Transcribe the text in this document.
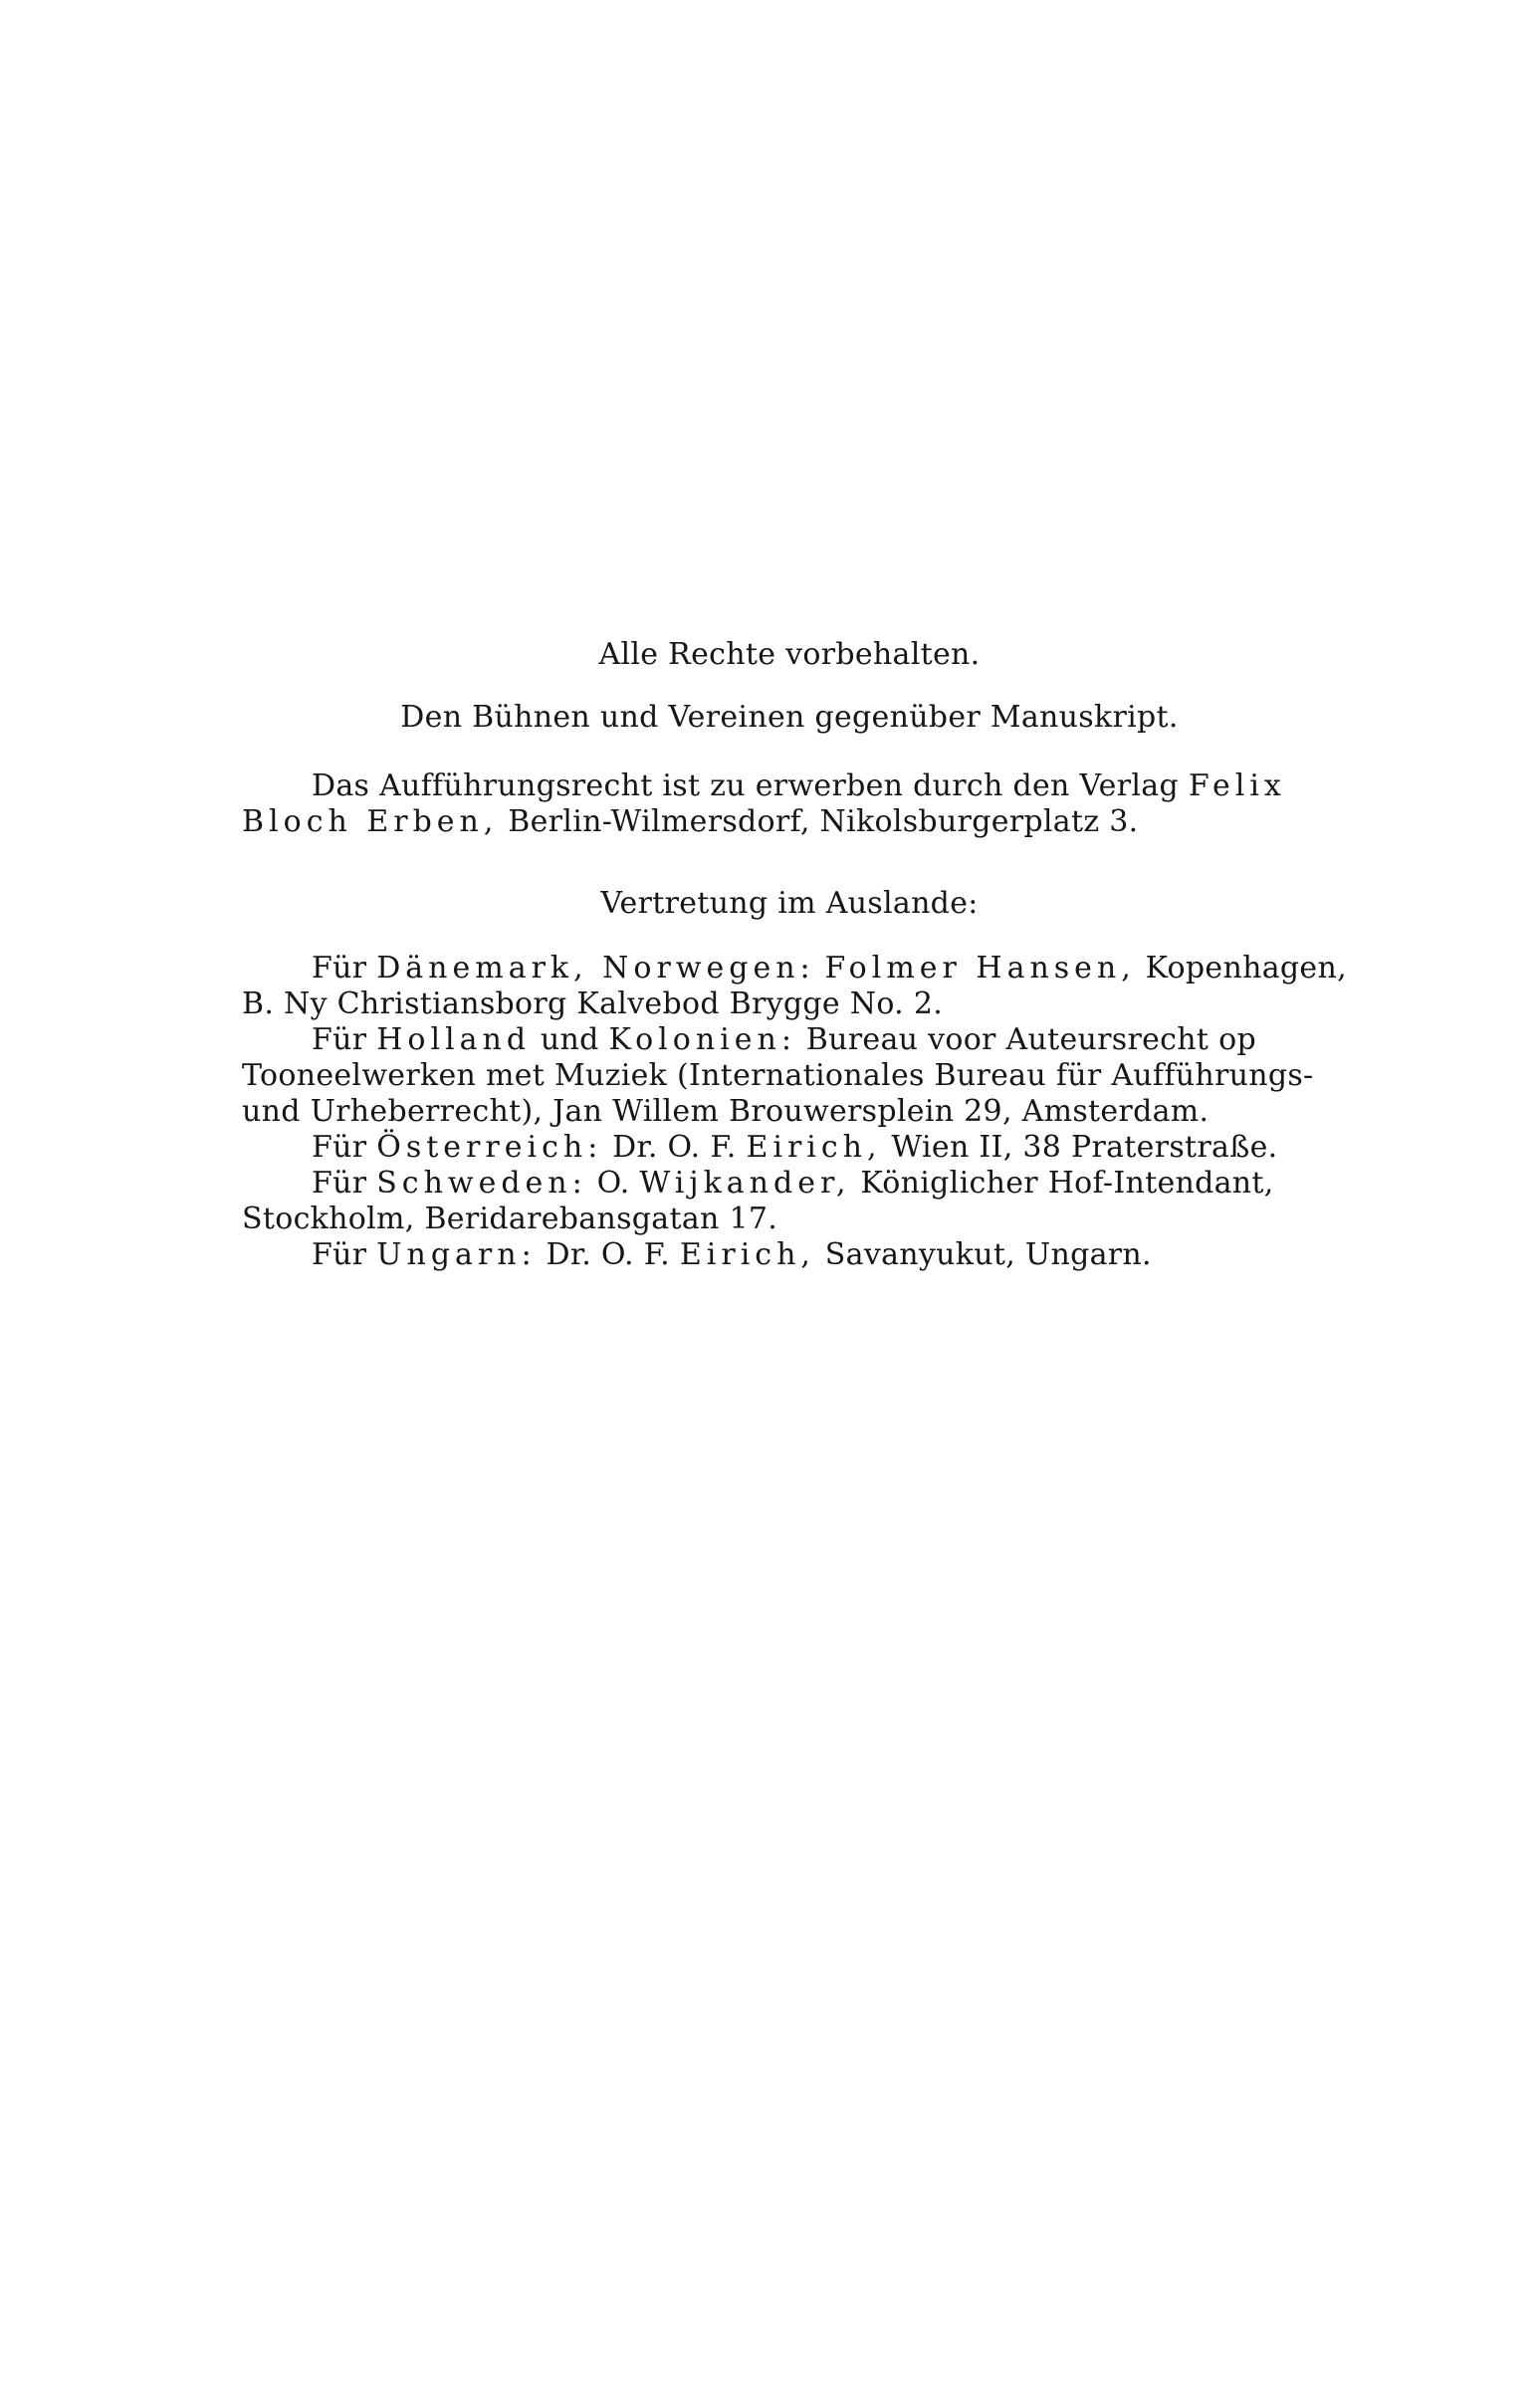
Alle Rechte vorbehalten.
Den Bühnen und Vereinen gegenüber Manuskript.
Das Aufführungsrecht ist zu erwerben durch den Verlag Felix
Bloch Erben, Berlin-Wilmersdorf, Nikolsburgerplatz 3.
Vertretung im Auslande:
Für Dänemark, Norwegen: Folmer Hansen, Kopenhagen,
B. Ny Christiansborg Kalvebod Brygge No. 2.
Für Holland und Kolonien: Bureau voor Auteursrecht op
Tooneelwerken met Muziek (Internationales Bureau für Aufführungs-
und Urheberrecht), Jan Willem Brouwersplein 29, Amsterdam.
Für Österreich: Dr. O. F. Eirich, Wien II, 38 Praterstraße.
Für Schweden: O. Wijkander, Königlicher Hof-Intendant,
Stockholm, Beridarebansgatan 17.
Für Ungarn: Dr. O. F. Eirich, Savanyukut, Ungarn.
